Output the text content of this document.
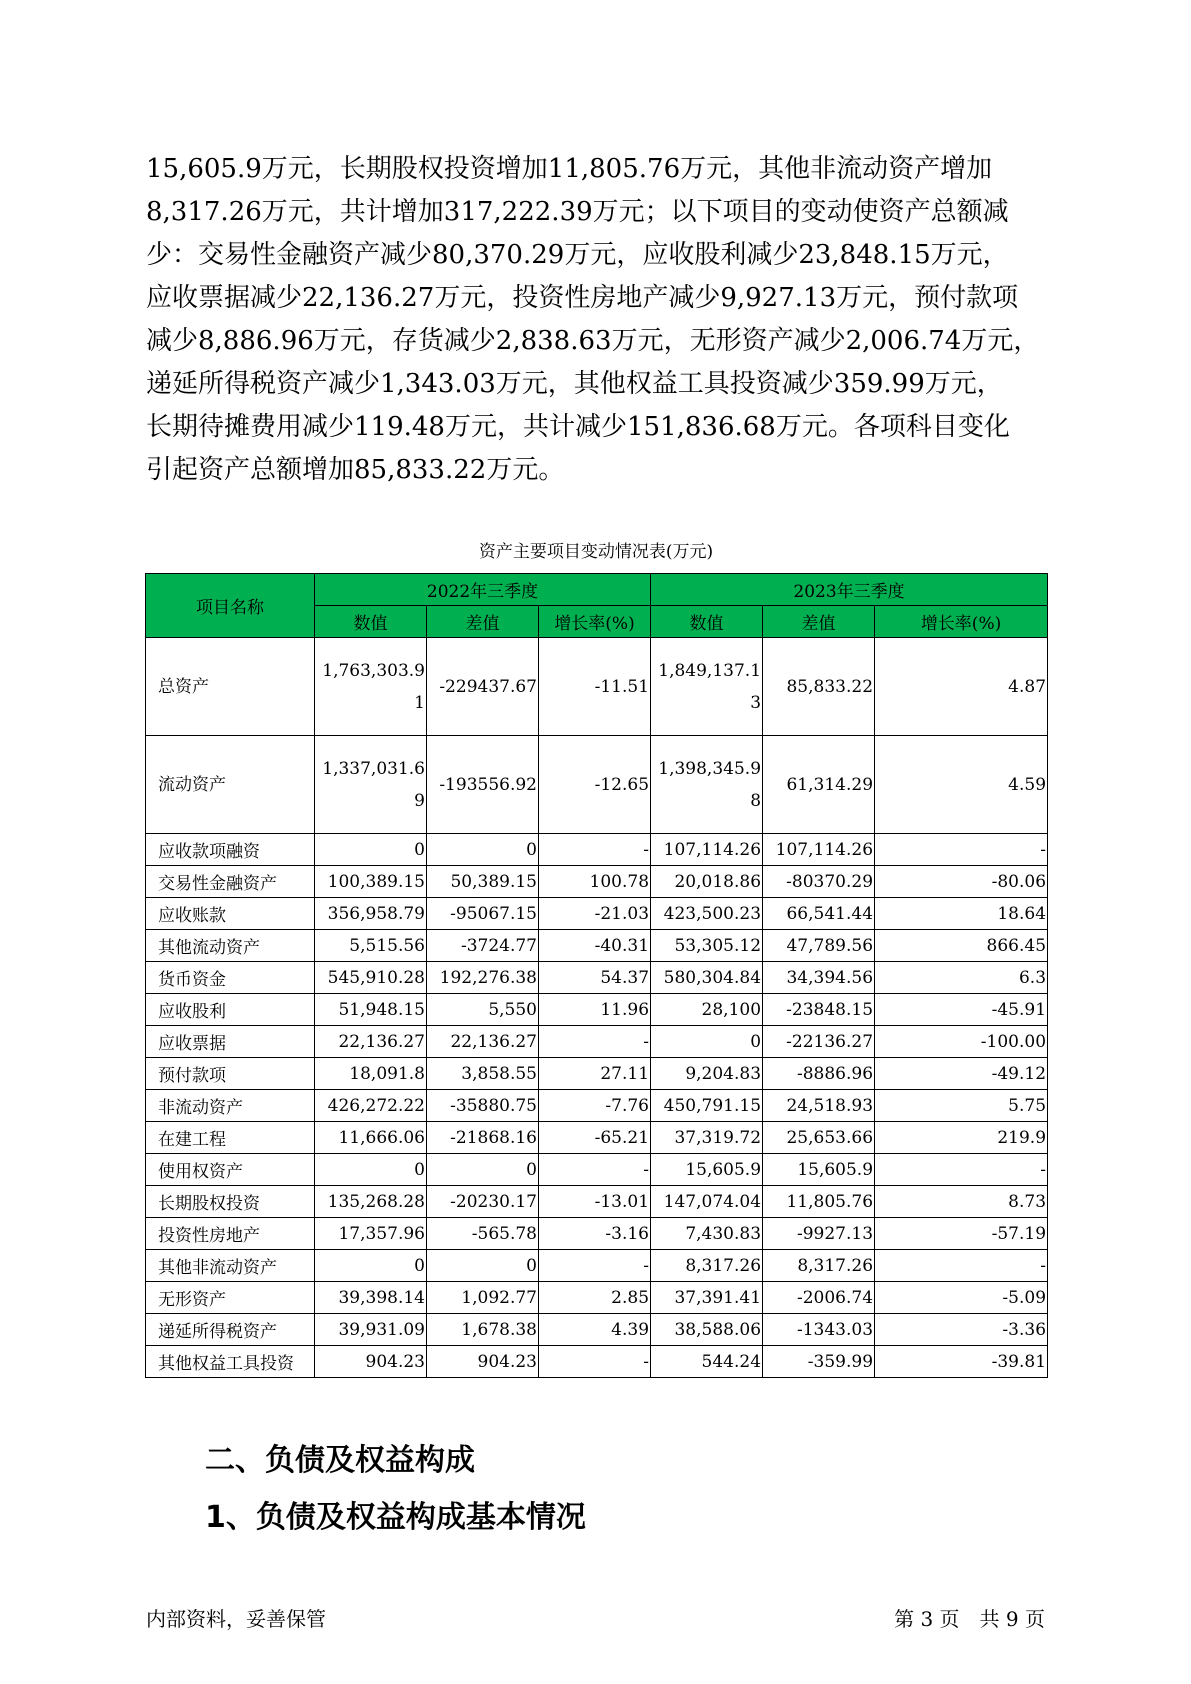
15,605.9万元，长期股权投资增加11,805.76万元，其他非流动资产增加
8,317.26万元，共计增加317,222.39万元；以下项目的变动使资产总额减
少：交易性金融资产减少80,370.29万元，应收股利减少23,848.15万元，
应收票据减少22,136.27万元，投资性房地产减少9,927.13万元，预付款项
减少8,886.96万元，存货减少2,838.63万元，无形资产减少2,006.74万元，
递延所得税资产减少1,343.03万元，其他权益工具投资减少359.99万元，
长期待摊费用减少119.48万元，共计减少151,836.68万元。各项科目变化
引起资产总额增加85,833.22万元。
资产主要项目变动情况表(万元)
项目名称	2022年三季度			2023年三季度		
	数值	差值	增长率(%)	数值	差值	增长率(%)
总资产	1,763,303.91	-229437.67	-11.51	1,849,137.13	85,833.22	4.87
流动资产	1,337,031.69	-193556.92	-12.65	1,398,345.98	61,314.29	4.59
应收款项融资	0	0	-	107,114.26	107,114.26	-
交易性金融资产	100,389.15	50,389.15	100.78	20,018.86	-80370.29	-80.06
应收账款	356,958.79	-95067.15	-21.03	423,500.23	66,541.44	18.64
其他流动资产	5,515.56	-3724.77	-40.31	53,305.12	47,789.56	866.45
货币资金	545,910.28	192,276.38	54.37	580,304.84	34,394.56	6.3
应收股利	51,948.15	5,550	11.96	28,100	-23848.15	-45.91
应收票据	22,136.27	22,136.27	-	0	-22136.27	-100.00
预付款项	18,091.8	3,858.55	27.11	9,204.83	-8886.96	-49.12
非流动资产	426,272.22	-35880.75	-7.76	450,791.15	24,518.93	5.75
在建工程	11,666.06	-21868.16	-65.21	37,319.72	25,653.66	219.9
使用权资产	0	0	-	15,605.9	15,605.9	-
长期股权投资	135,268.28	-20230.17	-13.01	147,074.04	11,805.76	8.73
投资性房地产	17,357.96	-565.78	-3.16	7,430.83	-9927.13	-57.19
其他非流动资产	0	0	-	8,317.26	8,317.26	-
无形资产	39,398.14	1,092.77	2.85	37,391.41	-2006.74	-5.09
递延所得税资产	39,931.09	1,678.38	4.39	38,588.06	-1343.03	-3.36
其他权益工具投资	904.23	904.23	-	544.24	-359.99	-39.81
二、负债及权益构成
1、负债及权益构成基本情况
内部资料，妥善保管	第 3 页　共 9 页
